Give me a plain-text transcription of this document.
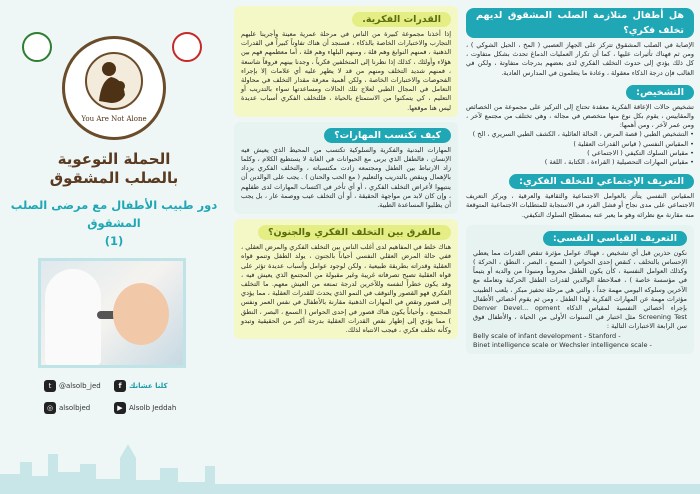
You Are Not Alone
الحملة التوعوية
بالصلب المشقوق
دور طبيب الأطفال مع مرضى الصلب المشقوق
(1)
t	@alsolb_jed	f	كلنا عشانك
◎ alsolbjed	▶ Alsolb Jeddah
القدرات الفكرية.
إذا أخذنا مجموعة كبيرة من الناس في مرحلة عمرية معينة وأجرينا عليهم التجارب والاختبارات الخاصة بالذكاء ، فسنجد أن هناك تفاوتاً كبيراً في القدرات الذهنية ، فمنهم النوابغ وهم قلة ، ومنهم البلهاء وهم قلة ، أما معظمهم فهم بين هؤلاء وأولئك ، كذلك إذا نظرنا إلى المتخلفين فكرياً ، وجدنا بينهم فروقاً شاسعة ، فمنهم شديد التخلف ومنهم من قد لا يظهر عليه أي علامات إلا بإجراء الفحوصات والاختبارات الخاصة ، ولكن أهمية معرفة مقدار التخلف في محاولة التعامل في المجال الطبي لعلاج تلك الحالات ومساعدتها سواء بالتدريب أو التعليم ، كي يتمكنوا من الاستمتاع بالحياة ، فللتخلف الفكري أسباب عديدة ليس هنا موقعها.
كيف تكتسب المهارات؟
المهارات البدنية والفكرية والسلوكية تكتسب من المحيط الذي يعيش فيه الإنسان ، فالطفل الذي يربى مع الحيوانات في الغابة لا يستطيع الكلام ، وكلما زاد الارتباط بين الطفل ومجتمعه زادت مكتسباته ، والتخلف الفكري يزداد بالإهمال وينقص بالتدريب والتعليم ( مع الحب والحنان ) . يجب على الوالدين أن ينتبهوا لأعراض التخلف الفكري ، أو أي تأخر في اكتساب المهارات لدى طفلهم ، وإن كان لابد من مواجهة الحقيقة ، أو أن التخلف عيب ووصمة عار ، بل يجب أن يطلبوا المساعدة الطبية.
مالفرق بين التخلف الفكري والجنون؟
هناك خلط في المفاهيم لدى أغلب الناس بين التخلف الفكري والمرض العقلي ، ففي حالة المرض العقلي النفسي أحياناً بالجنون ، يولد الطفل وتنمو قواه العقلية وقدراته بطريقة طبيعية ، ولكن لوجود عوامل وأسباب عديدة تؤثر على قواه العقلية تصبح تصرفاته غريبة وغير مقبولة من المجتمع الذي يعيش فيه ، وقد يكون خطراً لنفسه وللآخرين لدرجة تمنعه من العيش معهم. ما التخلف الفكري فهو القصور والتوقف في النمو الذي يحدث للقدرات العقلية ، مما يؤدي إلى قصور وتقص في المهارات الذهنية مقارنة بالأطفال في نفس العمر ونفس المجتمع ، وأحياناً يكون هناك قصور في إحدى الحواس ( السمع ، البصر ، النطق ) مما يؤدي إلى إظهار نقص القدرات العقلية بدرجة أكبر من الحقيقية وتبدو وكأنه تخلف فكري ، فيجب الانتباه لذلك.
هل أطفال متلازمة الصلب المشقوق لديهم تخلف فكري؟
الإصابة في الصلب المشقوق تتركز على الجهاز العصبي ( المخ ، الحبل الشوكي ) ، ومن ثم فهناك تأثيرات عليها ، كما أن تكرار العمليات الدماغ تحدث بشكل متفاوت ، كل ذلك يؤدي إلى حدوث التخلف الفكري لدى بعضهم بدرجات متفاوتة ، ولكن في الغالب فإن درجة الذكاء معقولة ، وعادة ما يتعلمون في المدارس العادية.
التشخيص:
تشخيص حالات الإعاقة الفكرية معقدة تحتاج إلى التركيز على مجموعة من الخصائص والمقاييس ، يقوم بكل نوع منها متخصص في مجاله ، وهي تختلف من مجتمع لآخر ، ومن عمر لآخر ، ومن أهمها:
• التشخيص الطبي ( قصة المرض ، الحالة العائلية ، الكشف الطبي السريري ، الخ )
• المقياس النفسي ( قياس القدرات العقلية )
• مقياس السلوك التكيفي ( الاجتماعي )
• مقياس المهارات التحصيلية ( القراءة ، الكتابة ، اللغة )
التعريف الإجتماعي للتخلف الفكري:
المقياس النفسي يتأثر بالعوامل الاجتماعية والثقافية والعرقية ، ويركز التعريف الاجتماعي على مدى نجاح أو فشل الفرد في الاستجابة للمتطلبات الاجتماعية المتوقعة منه مقارنة مع نظرائه وهو ما يعبر عنه بمصطلح السلوك التكيفي.
التعريف القياسي النفسي:
نكون حذرين قبل أي تشخيص ، فهناك عوامل مؤثرة تنقص القدرات مما يعطي الإحساس بالتخلف ، كنقص إحدى الحواس ( السمع ، البصر ، النطق ، الحركة ) وكذلك العوامل النفسية ، كأن يكون الطفل محروماً ومنبوذاً من والديه أو يتيماً في مؤسسة خاصة ) ، فملاحظة الوالدين لقدرات الطفل الحركية وتعامله مع الآخرين وسلوكه اليومي مهمة جداً ، والتي هي مرحلة تحفيز مبكر ، يلعب الطبيب مؤثرات مهمة عن المهارات الفكرية لهذا الطفل ، ومن ثم يقوم أخصائي الأطفال بإجراء أخصائي النفسية لمقياس الذكاء Denver Devel... opment Screening Test مثل اختبار في السنوات الأولى من الحياة ، والأطفال فوق سن الرابعة الاختبارات التالية :
Belly scale of infant development - Stanford -
Binet intelligence scale or Wechsler intelligence scale -
